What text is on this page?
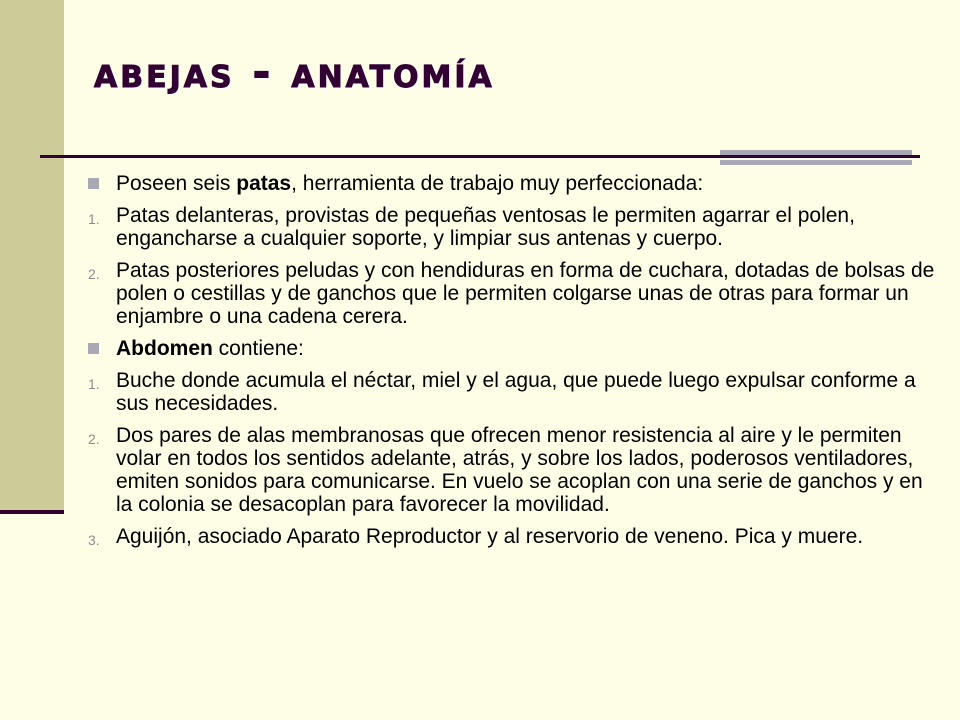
abejas - anatomía
Poseen seis patas, herramienta de trabajo muy perfeccionada:
1. Patas delanteras, provistas de pequeñas ventosas le permiten agarrar el polen, engancharse a cualquier soporte, y limpiar sus antenas y cuerpo.
2. Patas posteriores peludas y con hendiduras en forma de cuchara, dotadas de bolsas de polen o cestillas y de ganchos que le permiten colgarse unas de otras para formar un enjambre o una cadena cerera.
Abdomen contiene:
1. Buche donde acumula el néctar, miel y el agua, que puede luego expulsar conforme a sus necesidades.
2. Dos pares de alas membranosas que ofrecen menor resistencia al aire y le permiten volar en todos los sentidos adelante, atrás, y sobre los lados, poderosos ventiladores, emiten sonidos para comunicarse. En vuelo se acoplan con una serie de ganchos y en la colonia se desacoplan para favorecer la movilidad.
3. Aguijón, asociado Aparato Reproductor y al reservorio de veneno. Pica y muere.
